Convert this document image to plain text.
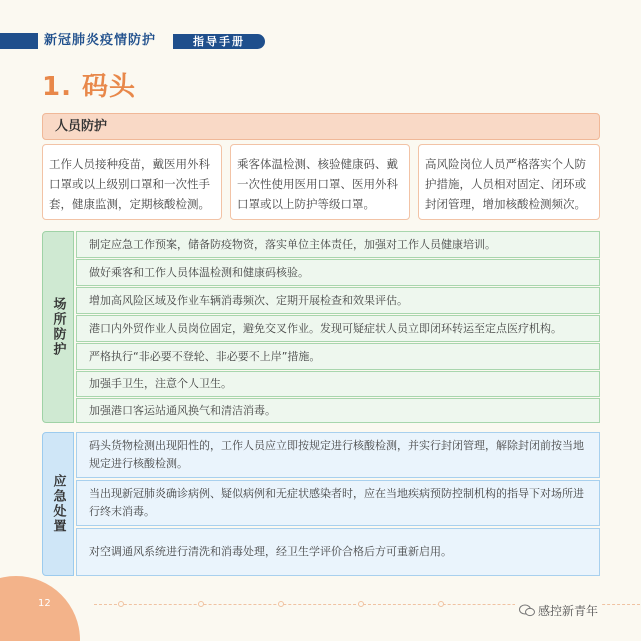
新冠肺炎疫情防护	指导手册
1. 码头
人员防护
工作人员接种疫苗，戴医用外科口罩或以上级别口罩和一次性手套，健康监测，定期核酸检测。
乘客体温检测、核验健康码、戴一次性使用医用口罩、医用外科口罩或以上防护等级口罩。
高风险岗位人员严格落实个人防护措施，人员相对固定、闭环或封闭管理，增加核酸检测频次。
场所防护
制定应急工作预案，储备防疫物资，落实单位主体责任，加强对工作人员健康培训。
做好乘客和工作人员体温检测和健康码核验。
增加高风险区域及作业车辆消毒频次、定期开展检查和效果评估。
港口内外贸作业人员岗位固定，避免交叉作业。发现可疑症状人员立即闭环转运至定点医疗机构。
严格执行“非必要不登轮、非必要不上岸”措施。
加强手卫生，注意个人卫生。
加强港口客运站通风换气和清洁消毒。
应急处置
码头货物检测出现阳性的，工作人员应立即按规定进行核酸检测，并实行封闭管理，解除封闭前按当地规定进行核酸检测。
当出现新冠肺炎确诊病例、疑似病例和无症状感染者时，应在当地疾病预防控制机构的指导下对场所进行终末消毒。
对空调通风系统进行清洗和消毒处理，经卫生学评价合格后方可重新启用。
12
感控新青年
